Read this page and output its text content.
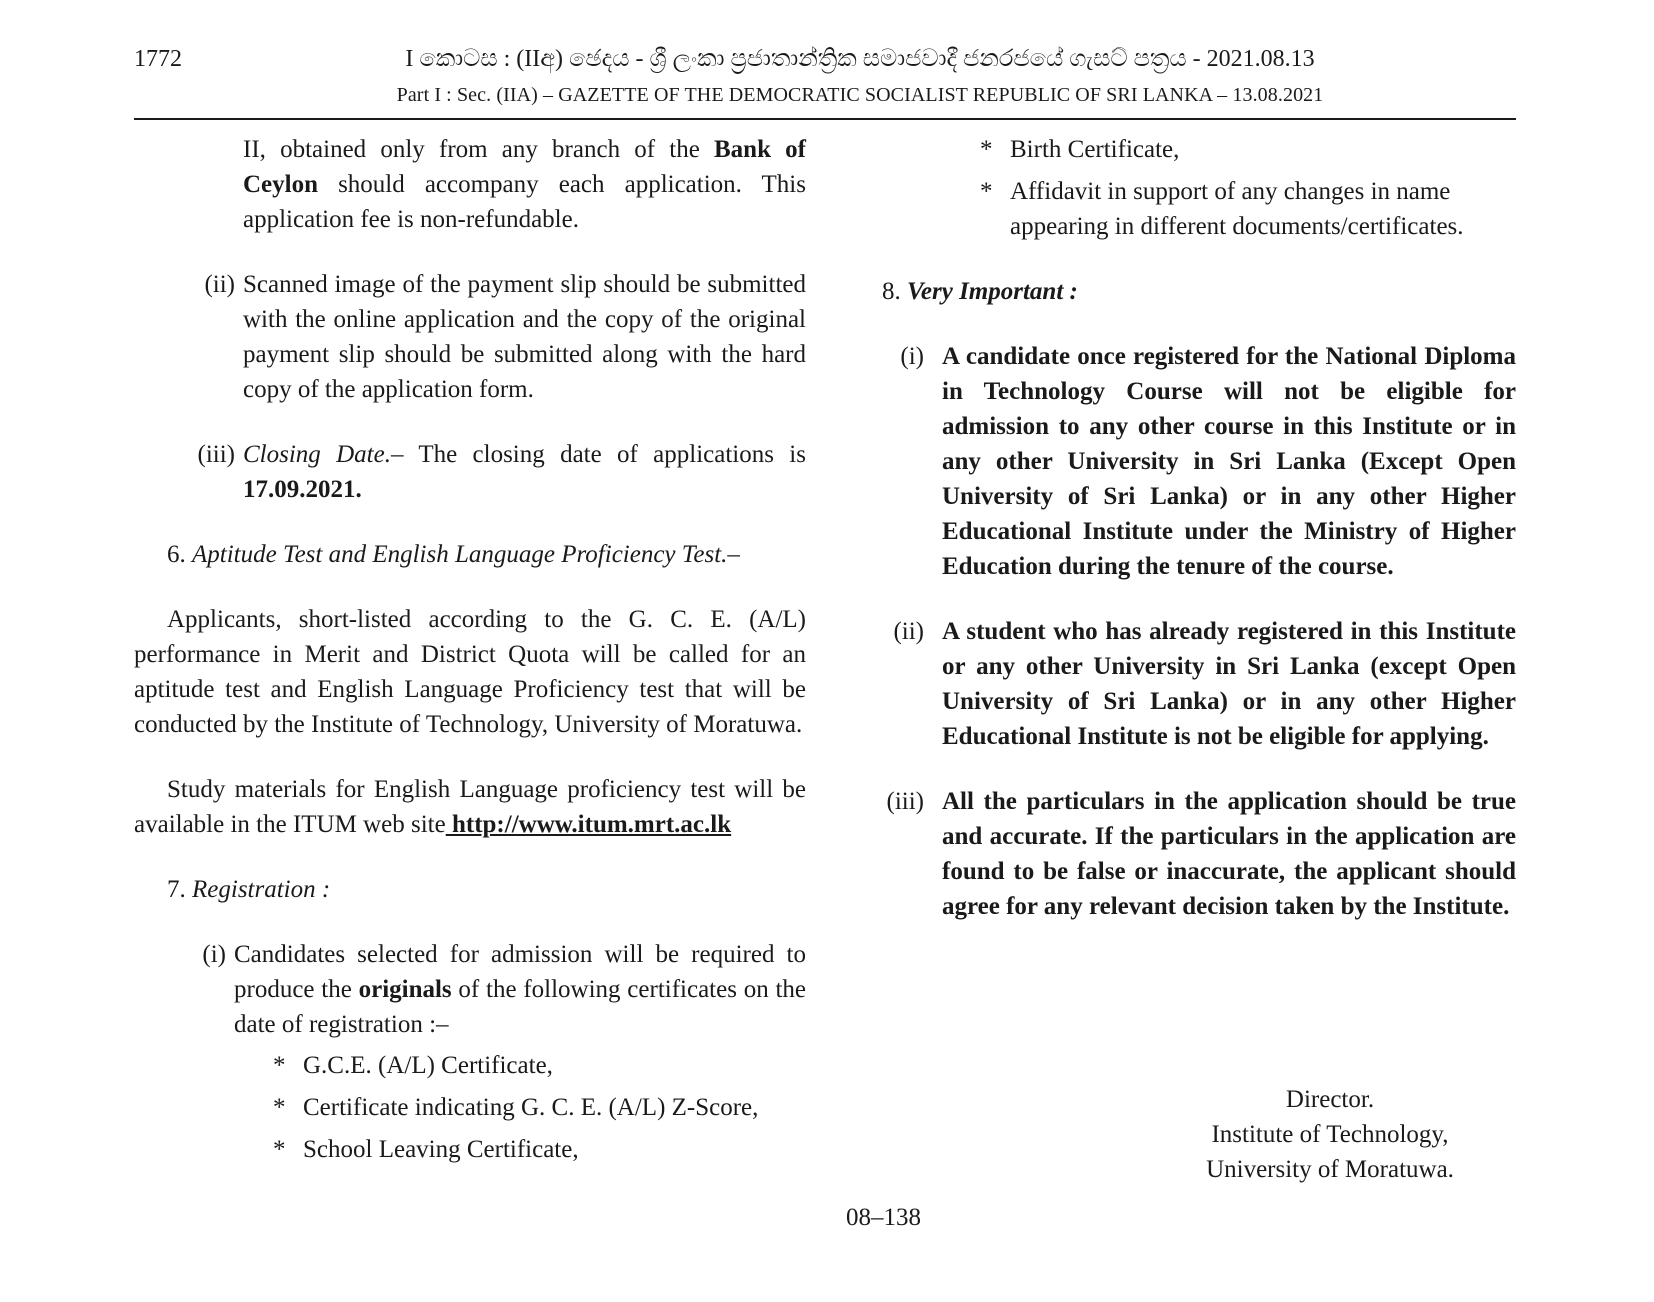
1772	I කොටස : (IIඅ) ඡෙදය - ශ්‍රී ලංකා ප්‍රජාතාන්ත්‍රික සමාජවාදී ජනරජයේ ගැසට් පත්‍රය - 2021.08.13
Part I : Sec. (IIA) – GAZETTE OF THE DEMOCRATIC SOCIALIST REPUBLIC OF SRI LANKA – 13.08.2021

II, obtained only from any branch of the Bank of Ceylon should accompany each application. This application fee is non-refundable.

(ii) Scanned image of the payment slip should be submitted with the online application and the copy of the original payment slip should be submitted along with the hard copy of the application form.
(iii) Closing Date.– The closing date of applications is 17.09.2021.

6. Aptitude Test and English Language Proficiency Test.–

Applicants, short-listed according to the G. C. E. (A/L) performance in Merit and District Quota will be called for an aptitude test and English Language Proficiency test that will be conducted by the Institute of Technology, University of Moratuwa.

Study materials for English Language proficiency test will be available in the ITUM web site http://www.itum.mrt.ac.lk

7. Registration :

(i) Candidates selected for admission will be required to produce the originals of the following certificates on the date of registration :–
* G.C.E. (A/L) Certificate,
* Certificate indicating G. C. E. (A/L) Z-Score,
* School Leaving Certificate,
* Birth Certificate,
* Affidavit in support of any changes in name appearing in different documents/certificates.

8. Very Important :

(i) A candidate once registered for the National Diploma in Technology Course will not be eligible for admission to any other course in this Institute or in any other University in Sri Lanka (Except Open University of Sri Lanka) or in any other Higher Educational Institute under the Ministry of Higher Education during the tenure of the course.
(ii) A student who has already registered in this Institute or any other University in Sri Lanka (except Open University of Sri Lanka) or in any other Higher Educational Institute is not be eligible for applying.
(iii) All the particulars in the application should be true and accurate. If the particulars in the application are found to be false or inaccurate, the applicant should agree for any relevant decision taken by the Institute.
Director.
Institute of Technology,
University of Moratuwa.
08–138
